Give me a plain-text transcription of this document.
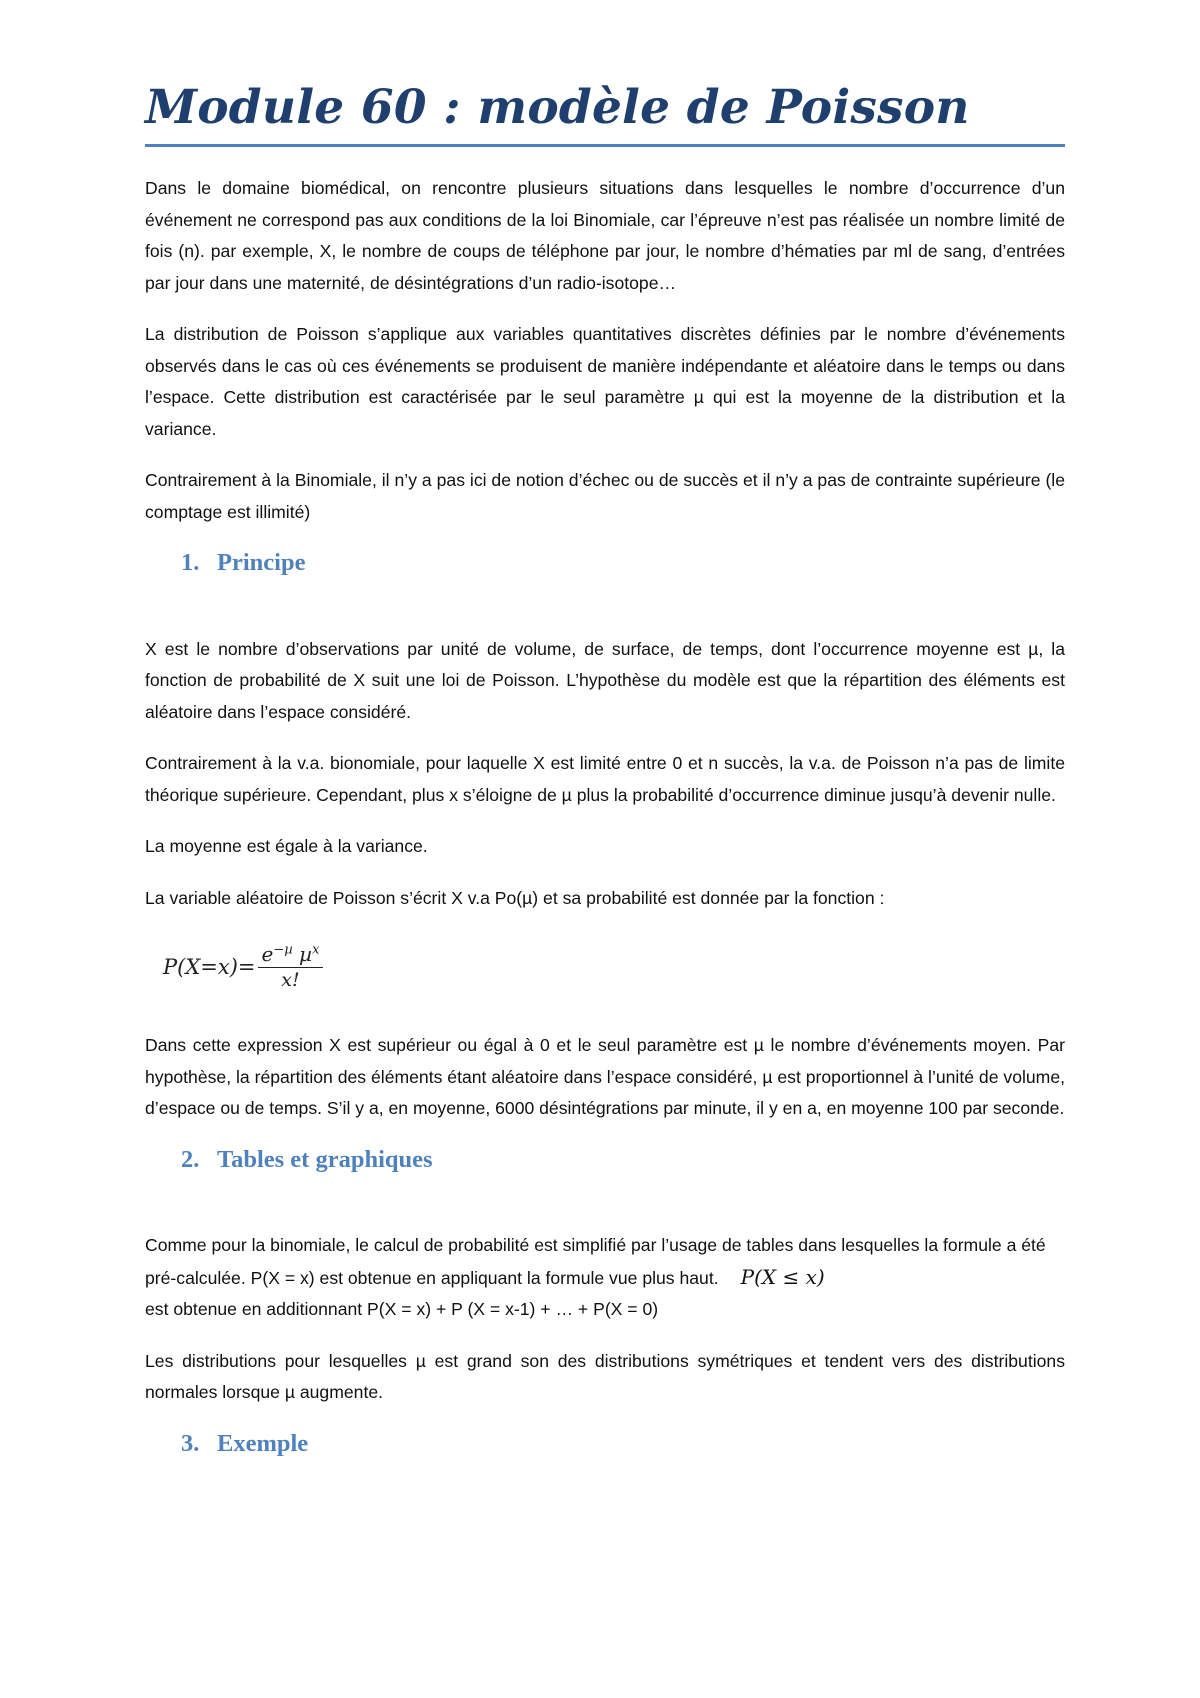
Module 60 : modèle de Poisson

Dans le domaine biomédical, on rencontre plusieurs situations dans lesquelles le nombre d’occurrence d’un événement ne correspond pas aux conditions de la loi Binomiale, car l’épreuve n’est pas réalisée un nombre limité de fois (n). par exemple, X, le nombre de coups de téléphone par jour, le nombre d’hématies par ml de sang, d’entrées par jour dans une maternité, de désintégrations d’un radio-isotope…

La distribution de Poisson s’applique aux variables quantitatives discrètes définies par le nombre d’événements observés dans le cas où ces événements se produisent de manière indépendante et aléatoire dans le temps ou dans l’espace. Cette distribution est caractérisée par le seul paramètre µ qui est la moyenne de la distribution et la variance.

Contrairement à la Binomiale, il n’y a pas ici de notion d’échec ou de succès et il n’y a pas de contrainte supérieure (le comptage est illimité)

1. Principe

X est le nombre d’observations par unité de volume, de surface, de temps, dont l’occurrence moyenne est µ, la fonction de probabilité de X suit une loi de Poisson. L’hypothèse du modèle est que la répartition des éléments est aléatoire dans l’espace considéré.

Contrairement à la v.a. bionomiale, pour laquelle X est limité entre 0 et n succès, la v.a. de Poisson n’a pas de limite théorique supérieure. Cependant, plus x s’éloigne de µ plus la probabilité d’occurrence diminue jusqu’à devenir nulle.

La moyenne est égale à la variance.

La variable aléatoire de Poisson s’écrit X v.a Po(µ) et sa probabilité est donnée par la fonction :

$P(X=x)= \frac{e^{-\mu} \mu^x}{x!}$

Dans cette expression X est supérieur ou égal à 0 et le seul paramètre est µ le nombre d’événements moyen. Par hypothèse, la répartition des éléments étant aléatoire dans l’espace considéré, µ est proportionnel à l’unité de volume, d’espace ou de temps. S’il y a, en moyenne, 6000 désintégrations par minute, il y en a, en moyenne 100 par seconde.

2. Tables et graphiques

Comme pour la binomiale, le calcul de probabilité est simplifié par l’usage de tables dans lesquelles la formule a été pré-calculée. P(X = x) est obtenue en appliquant la formule vue plus haut. P(X ≤ x)
est obtenue en additionnant P(X = x) + P (X = x-1) + … + P(X = 0)

Les distributions pour lesquelles µ est grand son des distributions symétriques et tendent vers des distributions normales lorsque µ augmente.

3. Exemple
